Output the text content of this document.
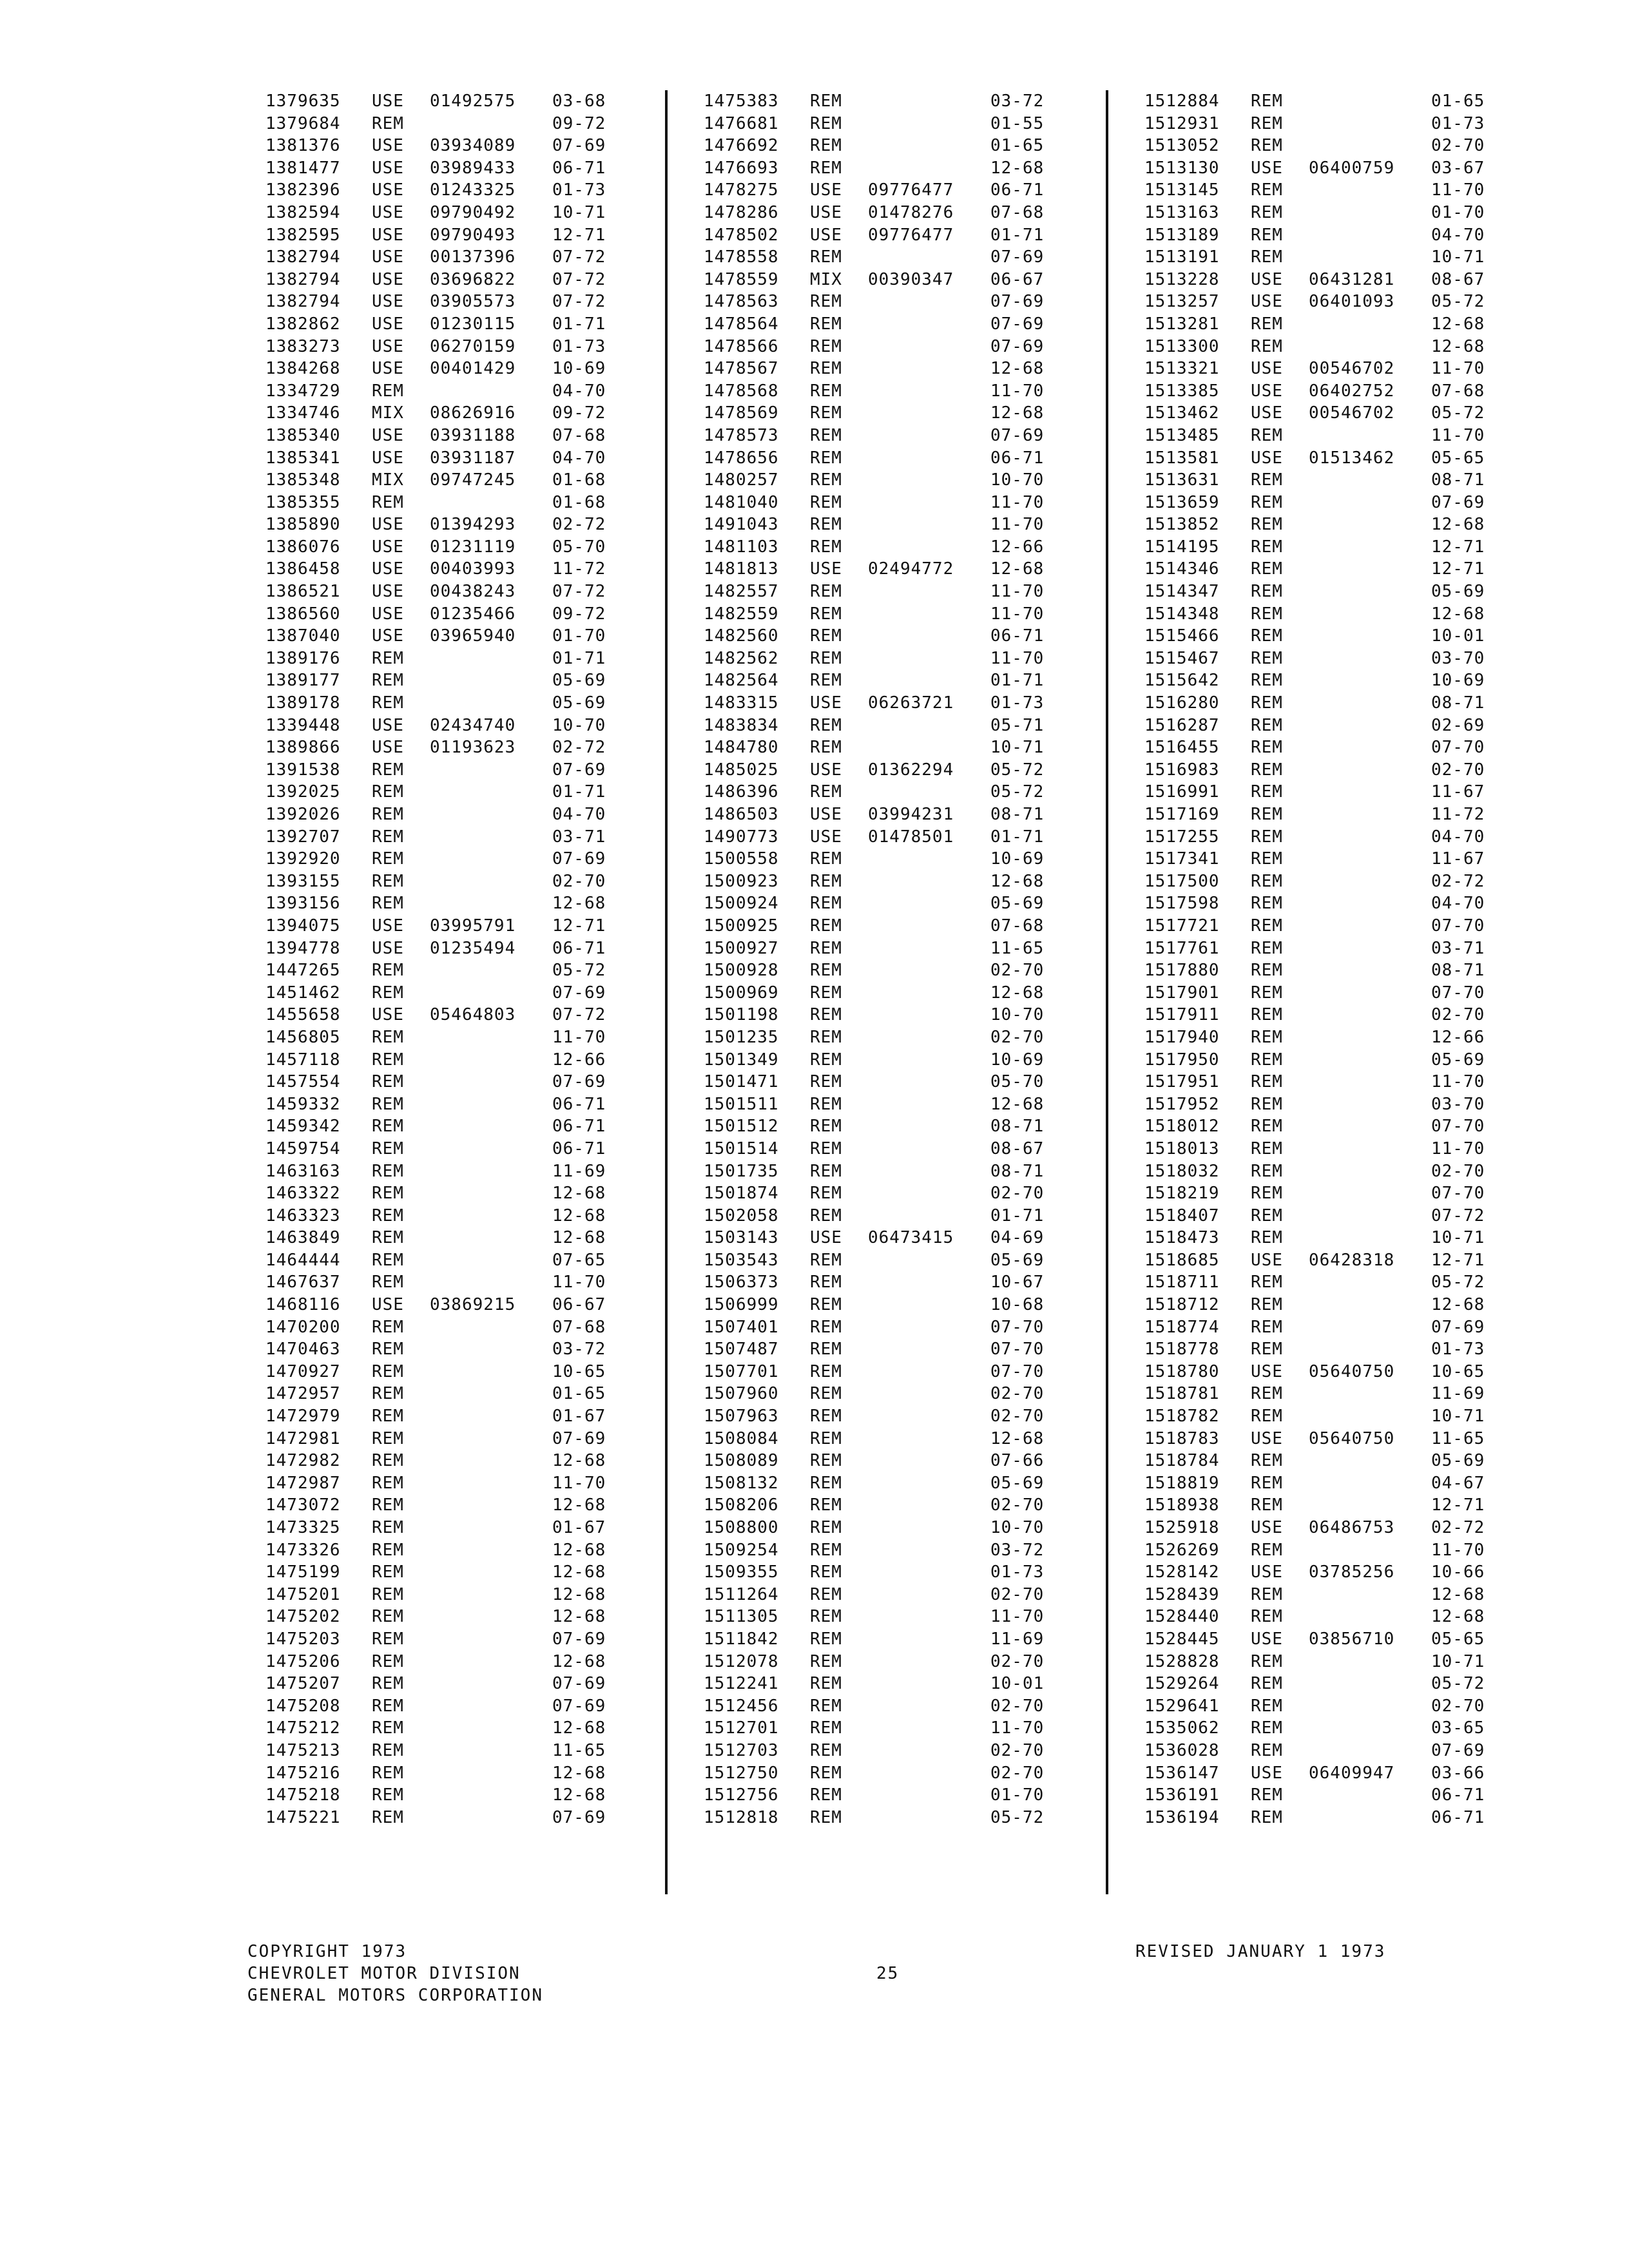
1379635 USE 01492575 03-68
1379684 REM	09-72
1381376 USE 03934089 07-69
1381477 USE 03989433 06-71
1382396 USE 01243325 01-73
1382594 USE 09790492 10-71
1382595 USE 09790493 12-71
1382794 USE 00137396 07-72
1382794 USE 03696822 07-72
1382794 USE 03905573 07-72
1382862 USE 01230115 01-71
1383273 USE 06270159 01-73
1384268 USE 00401429 10-69
1334729 REM	04-70
1334746 MIX 08626916 09-72
1385340 USE 03931188 07-68
1385341 USE 03931187 04-70
1385348 MIX 09747245 01-68
1385355 REM	01-68
1385890 USE 01394293 02-72
1386076 USE 01231119 05-70
1386458 USE 00403993 11-72
1386521 USE 00438243 07-72
1386560 USE 01235466 09-72
1387040 USE 03965940 01-70
1389176 REM	01-71
1389177 REM	05-69
1389178 REM	05-69
1339448 USE 02434740 10-70
1389866 USE 01193623 02-72
1391538 REM	07-69
1392025 REM	01-71
1392026 REM	04-70
1392707 REM	03-71
1392920 REM	07-69
1393155 REM	02-70
1393156 REM	12-68
1394075 USE 03995791 12-71
1394778 USE 01235494 06-71
1447265 REM	05-72
1451462 REM	07-69
1455658 USE 05464803 07-72
1456805 REM	11-70
1457118 REM	12-66
1457554 REM	07-69
1459332 REM	06-71
1459342 REM	06-71
1459754 REM	06-71
1463163 REM	11-69
1463322 REM	12-68
1463323 REM	12-68
1463849 REM	12-68
1464444 REM	07-65
1467637 REM	11-70
1468116 USE 03869215 06-67
1470200 REM	07-68
1470463 REM	03-72
1470927 REM	10-65
1472957 REM	01-65
1472979 REM	01-67
1472981 REM	07-69
1472982 REM	12-68
1472987 REM	11-70
1473072 REM	12-68
1473325 REM	01-67
1473326 REM	12-68
1475199 REM	12-68
1475201 REM	12-68
1475202 REM	12-68
1475203 REM	07-69
1475206 REM	12-68
1475207 REM	07-69
1475208 REM	07-69
1475212 REM	12-68
1475213 REM	11-65
1475216 REM	12-68
1475218 REM	12-68
1475221 REM	07-69
1475383 REM	03-72
1476681 REM	01-55
1476692 REM	01-65
1476693 REM	12-68
1478275 USE 09776477 06-71
1478286 USE 01478276 07-68
1478502 USE 09776477 01-71
1478558 REM	07-69
1478559 MIX 00390347 06-67
1478563 REM	07-69
1478564 REM	07-69
1478566 REM	07-69
1478567 REM	12-68
1478568 REM	11-70
1478569 REM	12-68
1478573 REM	07-69
1478656 REM	06-71
1480257 REM	10-70
1481040 REM	11-70
1491043 REM	11-70
1481103 REM	12-66
1481813 USE 02494772 12-68
1482557 REM	11-70
1482559 REM	11-70
1482560 REM	06-71
1482562 REM	11-70
1482564 REM	01-71
1483315 USE 06263721 01-73
1483834 REM	05-71
1484780 REM	10-71
1485025 USE 01362294 05-72
1486396 REM	05-72
1486503 USE 03994231 08-71
1490773 USE 01478501 01-71
1500558 REM	10-69
1500923 REM	12-68
1500924 REM	05-69
1500925 REM	07-68
1500927 REM	11-65
1500928 REM	02-70
1500969 REM	12-68
1501198 REM	10-70
1501235 REM	02-70
1501349 REM	10-69
1501471 REM	05-70
1501511 REM	12-68
1501512 REM	08-71
1501514 REM	08-67
1501735 REM	08-71
1501874 REM	02-70
1502058 REM	01-71
1503143 USE 06473415 04-69
1503543 REM	05-69
1506373 REM	10-67
1506999 REM	10-68
1507401 REM	07-70
1507487 REM	07-70
1507701 REM	07-70
1507960 REM	02-70
1507963 REM	02-70
1508084 REM	12-68
1508089 REM	07-66
1508132 REM	05-69
1508206 REM	02-70
1508800 REM	10-70
1509254 REM	03-72
1509355 REM	01-73
1511264 REM	02-70
1511305 REM	11-70
1511842 REM	11-69
1512078 REM	02-70
1512241 REM	10-01
1512456 REM	02-70
1512701 REM	11-70
1512703 REM	02-70
1512750 REM	02-70
1512756 REM	01-70
1512818 REM	05-72
1512884 REM	01-65
1512931 REM	01-73
1513052 REM	02-70
1513130 USE 06400759 03-67
1513145 REM	11-70
1513163 REM	01-70
1513189 REM	04-70
1513191 REM	10-71
1513228 USE 06431281 08-67
1513257 USE 06401093 05-72
1513281 REM	12-68
1513300 REM	12-68
1513321 USE 00546702 11-70
1513385 USE 06402752 07-68
1513462 USE 00546702 05-72
1513485 REM	11-70
1513581 USE 01513462 05-65
1513631 REM	08-71
1513659 REM	07-69
1513852 REM	12-68
1514195 REM	12-71
1514346 REM	12-71
1514347 REM	05-69
1514348 REM	12-68
1515466 REM	10-01
1515467 REM	03-70
1515642 REM	10-69
1516280 REM	08-71
1516287 REM	02-69
1516455 REM	07-70
1516983 REM	02-70
1516991 REM	11-67
1517169 REM	11-72
1517255 REM	04-70
1517341 REM	11-67
1517500 REM	02-72
1517598 REM	04-70
1517721 REM	07-70
1517761 REM	03-71
1517880 REM	08-71
1517901 REM	07-70
1517911 REM	02-70
1517940 REM	12-66
1517950 REM	05-69
1517951 REM	11-70
1517952 REM	03-70
1518012 REM	07-70
1518013 REM	11-70
1518032 REM	02-70
1518219 REM	07-70
1518407 REM	07-72
1518473 REM	10-71
1518685 USE 06428318 12-71
1518711 REM	05-72
1518712 REM	12-68
1518774 REM	07-69
1518778 REM	01-73
1518780 USE 05640750 10-65
1518781 REM	11-69
1518782 REM	10-71
1518783 USE 05640750 11-65
1518784 REM	05-69
1518819 REM	04-67
1518938 REM	12-71
1525918 USE 06486753 02-72
1526269 REM	11-70
1528142 USE 03785256 10-66
1528439 REM	12-68
1528440 REM	12-68
1528445 USE 03856710 05-65
1528828 REM	10-71
1529264 REM	05-72
1529641 REM	02-70
1535062 REM	03-65
1536028 REM	07-69
1536147 USE 06409947 03-66
1536191 REM	06-71
1536194 REM	06-71
COPYRIGHT 1973
CHEVROLET MOTOR DIVISION
GENERAL MOTORS CORPORATION
25
REVISED JANUARY 1 1973
